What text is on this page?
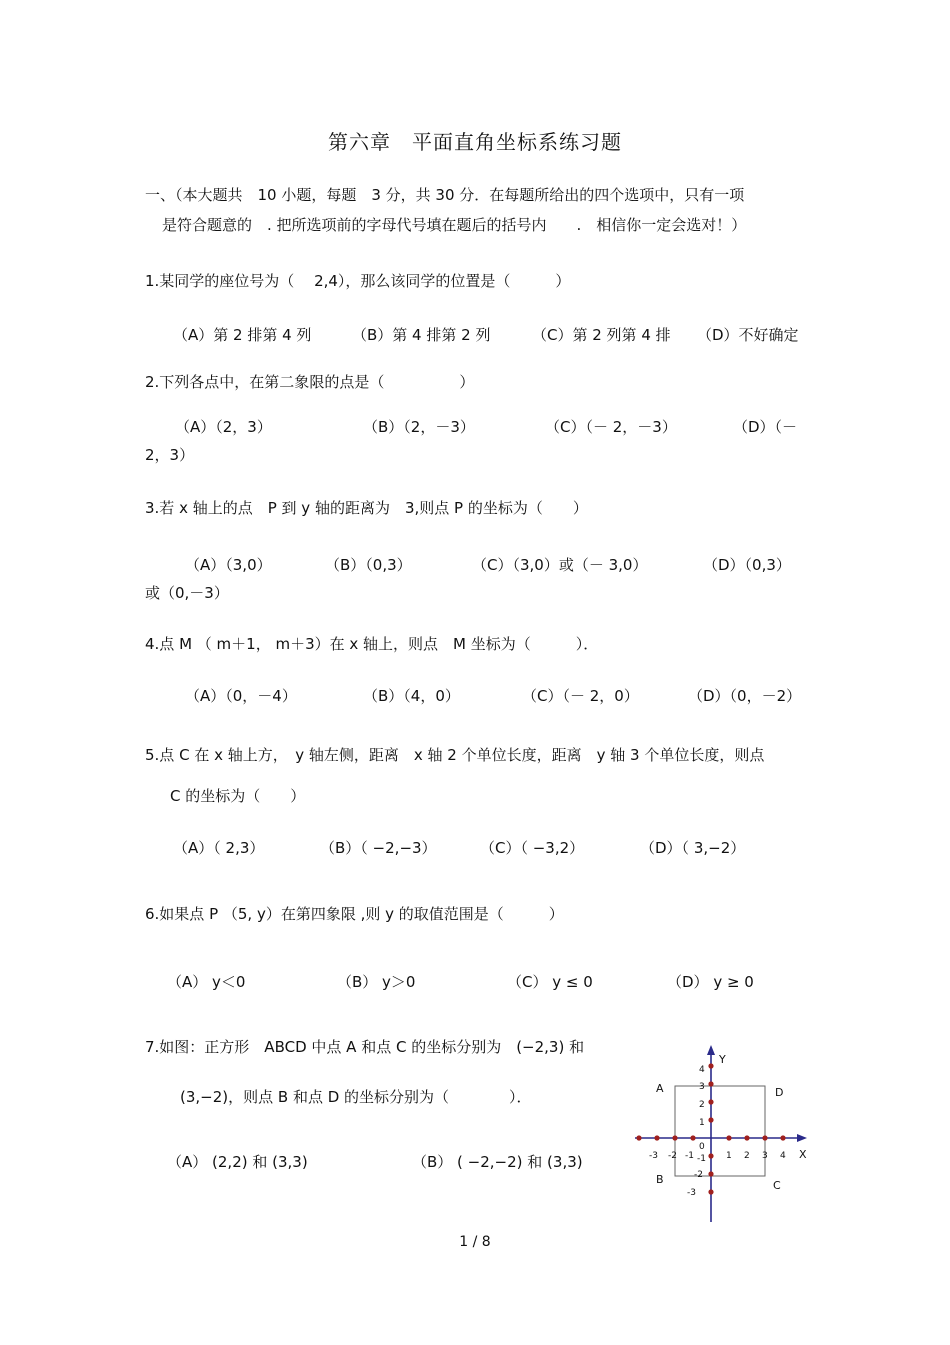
第六章　平面直角坐标系练习题
一、（本大题共　10 小题，每题　3 分，共 30 分．在每题所给出的四个选项中，只有一项
是符合题意的　. 把所选项前的字母代号填在题后的括号内　　.　相信你一定会选对！）
1.某同学的座位号为（　 2,4），那么该同学的位置是（　　　）
（A）第 2 排第 4 列	（B）第 4 排第 2 列	（C）第 2 列第 4 排 （D）不好确定
2.下列各点中，在第二象限的点是（　　　　　）
（A）（2，3）	（B）（2，－3）	（C）（－ 2，－3）	（D）（－
2，3）
3.若 x 轴上的点　P 到 y 轴的距离为　3,则点 P 的坐标为（　　）
（A）（3,0）	（B）（0,3）	（C）（3,0）或（－ 3,0）	（D）（0,3）
或（0,－3）
4.点 M （ m＋1， m＋3）在 x 轴上，则点　M 坐标为（　　　）．
（A）（0，－4）	（B）（4，0）	（C）（－ 2，0）	（D）（0，－2）
5.点 C 在 x 轴上方，　y 轴左侧，距离　x 轴 2 个单位长度，距离　y 轴 3 个单位长度，则点
C 的坐标为（　　）
（A）（ 2,3）	（B）（ −2,−3）	（C）（ −3,2）	（D）（ 3,−2）
6.如果点 P （5, y）在第四象限 ,则 y 的取值范围是（　　　）
（A） y＜0	（B） y＞0	（C） y ≤ 0	（D） y ≥ 0
7.如图：正方形　ABCD 中点 A 和点 C 的坐标分别为　(−2,3) 和
(3,−2)，则点 B 和点 D 的坐标分别为（　　　　）．
（A） (2,2) 和 (3,3)	（B） ( −2,−2) 和 (3,3)
Y
X
0
-3 -2 -1	1 2 3 4
4
3
2
1
-1
-2
-3
A
B	C
D
1 / 8
